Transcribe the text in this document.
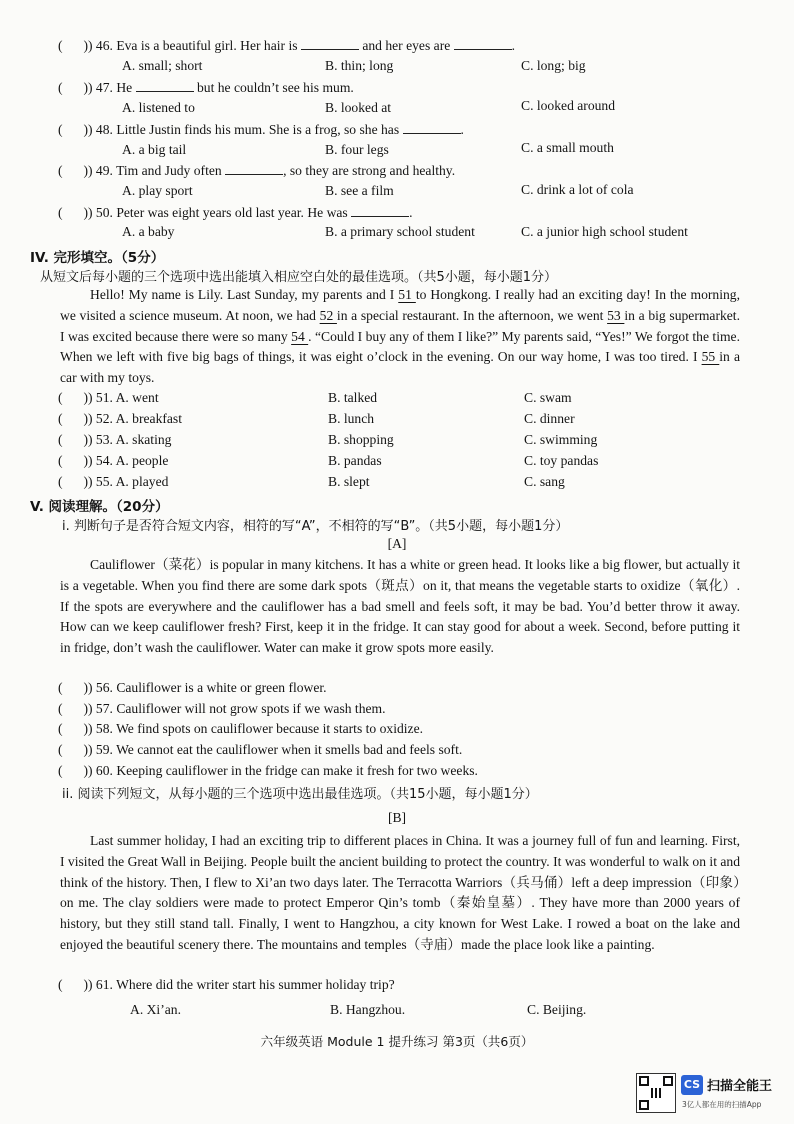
(   )) 46. Eva is a beautiful girl. Her hair is	and her eyes are	.
A. small; short	B. thin; long	C. long; big
(   )) 47. He	but he couldn’t see his mum.
A. listened to	B. looked at	C. looked around
(   )) 48. Little Justin finds his mum. She is a frog, so she has	.
A. a big tail	B. four legs	C. a small mouth
(   )) 49. Tim and Judy often	, so they are strong and healthy.
A. play sport	B. see a film	C. drink a lot of cola
(   )) 50. Peter was eight years old last year. He was	.
A. a baby	B. a primary school student	C. a junior high school student
IV. 完形填空。（5分）
从短文后每小题的三个选项中选出能填入相应空白处的最佳选项。（共5小题，每小题1分）
Hello! My name is Lily. Last Sunday, my parents and I 51 to Hongkong. I really had an exciting day! In the morning, we visited a science museum. At noon, we had 52 in a special restaurant. In the afternoon, we went 53 in a big supermarket. I was excited because there were so many 54 . “Could I buy any of them I like?” My parents said, “Yes!” We forgot the time. When we left with five big bags of things, it was eight o’clock in the evening. On our way home, I was too tired. I 55 in a car with my toys.
(   )) 51. A. went	B. talked	C. swam
(   )) 52. A. breakfast	B. lunch	C. dinner
(   )) 53. A. skating	B. shopping	C. swimming
(   )) 54. A. people	B. pandas	C. toy pandas
(   )) 55. A. played	B. slept	C. sang
V. 阅读理解。（20分）
i. 判断句子是否符合短文内容，相符的写“A”，不相符的写“B”。（共5小题，每小题1分）
[A]
Cauliflower（菜花）is popular in many kitchens. It has a white or green head. It looks like a big flower, but actually it is a vegetable. When you find there are some dark spots（斑点）on it, that means the vegetable starts to oxidize（氧化）. If the spots are everywhere and the cauliflower has a bad smell and feels soft, it may be bad. You’d better throw it away. How can we keep cauliflower fresh? First, keep it in the fridge. It can stay good for about a week. Second, before putting it in fridge, don’t wash the cauliflower. Water can make it grow spots more easily.
(   )) 56. Cauliflower is a white or green flower.
(   )) 57. Cauliflower will not grow spots if we wash them.
(   )) 58. We find spots on cauliflower because it starts to oxidize.
(   )) 59. We cannot eat the cauliflower when it smells bad and feels soft.
(   )) 60. Keeping cauliflower in the fridge can make it fresh for two weeks.
ii. 阅读下列短文，从每小题的三个选项中选出最佳选项。（共15小题，每小题1分）
[B]
Last summer holiday, I had an exciting trip to different places in China. It was a journey full of fun and learning. First, I visited the Great Wall in Beijing. People built the ancient building to protect the country. It was wonderful to walk on it and think of the history. Then, I flew to Xi’an two days later. The Terracotta Warriors（兵马俑）left a deep impression（印象）on me. The clay soldiers were made to protect Emperor Qin’s tomb（秦始皇墓）. They have more than 2000 years of history, but they still stand tall. Finally, I went to Hangzhou, a city known for West Lake. I rowed a boat on the lake and enjoyed the beautiful scenery there. The mountains and temples（寺庙）made the place look like a painting.
(   )) 61. Where did the writer start his summer holiday trip?
A. Xi’an.	B. Hangzhou.	C. Beijing.
六年级英语 Module 1 提升练习 第3页（共6页）
CS 扫描全能王
3亿人都在用的扫描App
